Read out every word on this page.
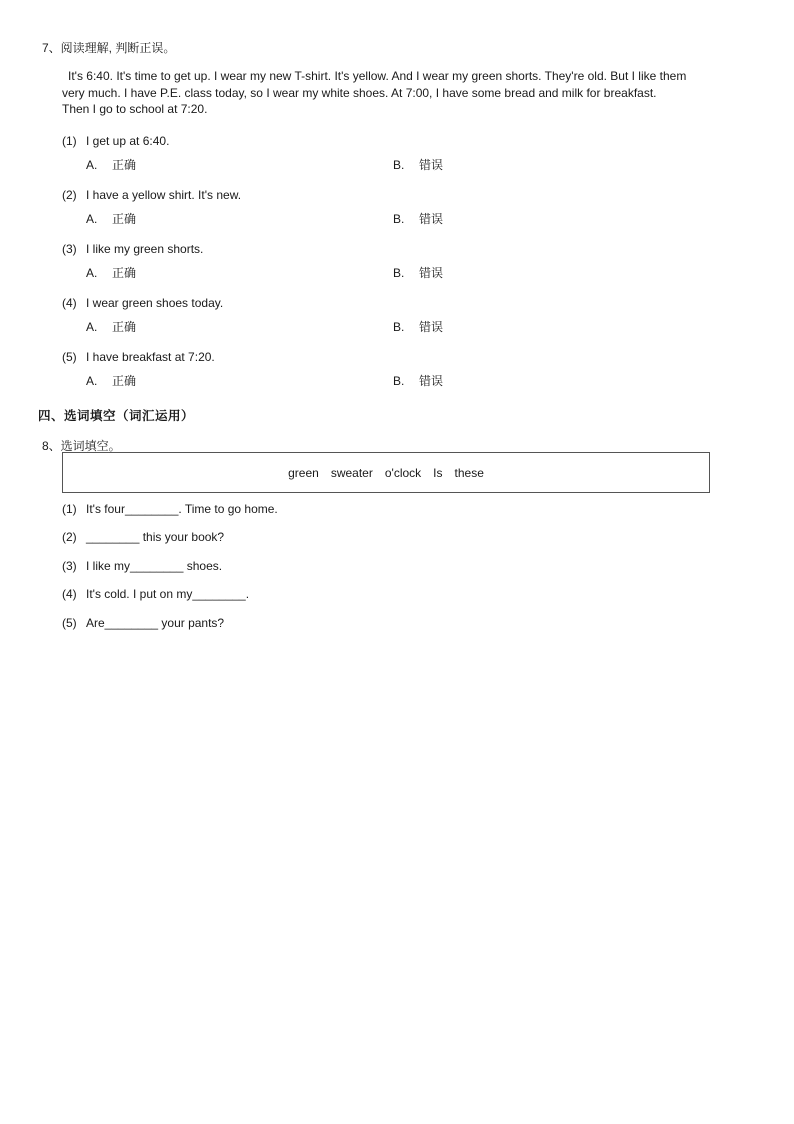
7、阅读理解, 判断正误。
It's 6:40. It's time to get up. I wear my new T-shirt. It's yellow. And I wear my green shorts. They're old. But I like them
very much. I have P.E. class today, so I wear my white shoes. At 7:00, I have some bread and milk for breakfast.
Then I go to school at 7:20.
(1) I get up at 6:40.
A. 正确	B. 错误
(2) I have a yellow shirt. It's new.
A. 正确	B. 错误
(3) I like my green shorts.
A. 正确	B. 错误
(4) I wear green shoes today.
A. 正确	B. 错误
(5) I have breakfast at 7:20.
A. 正确	B. 错误
四、选词填空（词汇运用）
8、选词填空。
green sweater o'clock Is these
(1) It's four________. Time to go home.
(2) ________ this your book?
(3) I like my________ shoes.
(4) It's cold. I put on my________.
(5) Are________ your pants?
